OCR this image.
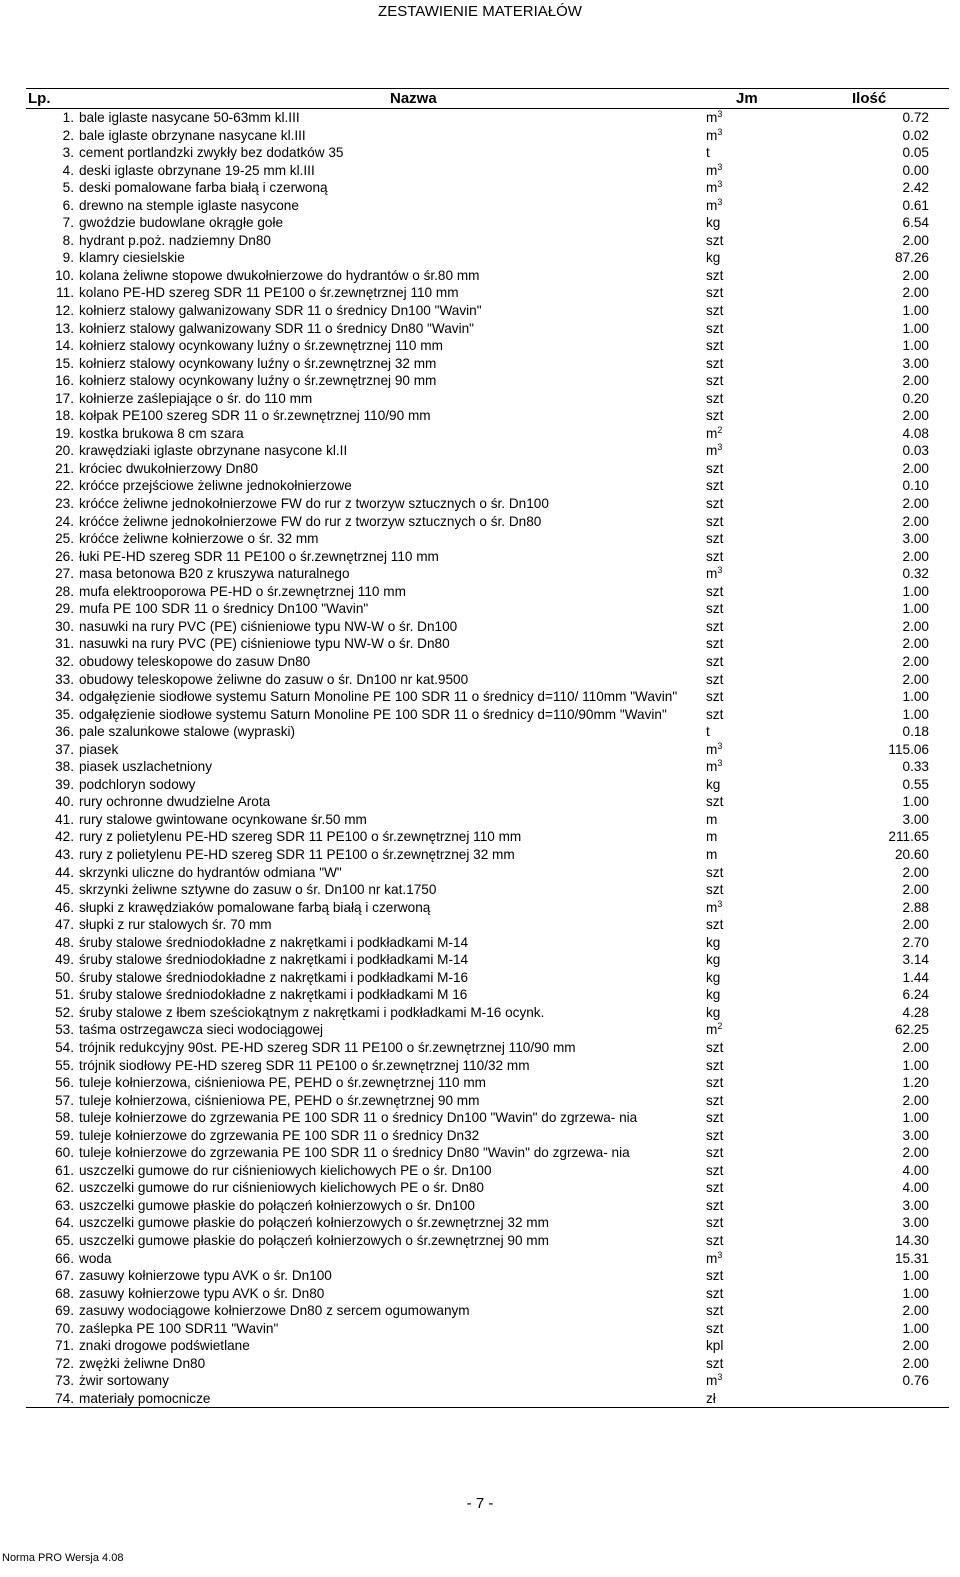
ZESTAWIENIE MATERIAŁÓW
Lp.	Nazwa	Jm	Ilość
1. bale iglaste nasycane 50-63mm kl.III	$m^3$	0.72
2. bale iglaste obrzynane nasycane kl.III	$m^3$	0.02
3. cement portlandzki zwykły bez dodatków 35	t	0.05
4. deski iglaste obrzynane 19-25 mm kl.III	$m^3$	0.00
5. deski pomalowane farba białą i czerwoną	$m^3$	2.42
6. drewno na stemple iglaste nasycone	$m^3$	0.61
7. gwoździe budowlane okrągłe gołe	kg	6.54
8. hydrant p.poż. nadziemny Dn80	szt	2.00
9. klamry ciesielskie	kg	87.26
10. kolana żeliwne stopowe dwukołnierzowe do hydrantów o śr.80 mm	szt	2.00
11. kolano PE-HD szereg SDR 11 PE100 o śr.zewnętrznej 110 mm	szt	2.00
12. kołnierz stalowy galwanizowany SDR 11 o średnicy Dn100 "Wavin"	szt	1.00
13. kołnierz stalowy galwanizowany SDR 11 o średnicy Dn80 "Wavin"	szt	1.00
14. kołnierz stalowy ocynkowany luźny o śr.zewnętrznej 110 mm	szt	1.00
15. kołnierz stalowy ocynkowany luźny o śr.zewnętrznej 32 mm	szt	3.00
16. kołnierz stalowy ocynkowany luźny o śr.zewnętrznej 90 mm	szt	2.00
17. kołnierze zaślepiające o śr. do 110 mm	szt	0.20
18. kołpak PE100 szereg SDR 11 o śr.zewnętrznej 110/90 mm	szt	2.00
19. kostka brukowa 8 cm szara	$m^2$	4.08
20. krawędziaki iglaste obrzynane nasycone kl.II	$m^3$	0.03
21. króciec dwukołnierzowy Dn80	szt	2.00
22. króćce przejściowe żeliwne jednokołnierzowe	szt	0.10
23. króćce żeliwne jednokołnierzowe FW do rur z tworzyw sztucznych o śr. Dn100	szt	2.00
24. króćce żeliwne jednokołnierzowe FW do rur z tworzyw sztucznych o śr. Dn80	szt	2.00
25. króćce żeliwne kołnierzowe o śr. 32 mm	szt	3.00
26. łuki PE-HD szereg SDR 11 PE100 o śr.zewnętrznej 110 mm	szt	2.00
27. masa betonowa B20 z kruszywa naturalnego	$m^3$	0.32
28. mufa elektrooporowa PE-HD o śr.zewnętrznej 110 mm	szt	1.00
29. mufa PE 100 SDR 11 o średnicy Dn100 "Wavin"	szt	1.00
30. nasuwki na rury PVC (PE) ciśnieniowe typu NW-W o śr. Dn100	szt	2.00
31. nasuwki na rury PVC (PE) ciśnieniowe typu NW-W o śr. Dn80	szt	2.00
32. obudowy teleskopowe do zasuw Dn80	szt	2.00
33. obudowy teleskopowe żeliwne do zasuw o śr. Dn100 nr kat.9500	szt	2.00
34. odgałęzienie siodłowe systemu Saturn Monoline PE 100 SDR 11 o średnicy d=110/ 110mm "Wavin"	szt	1.00
35. odgałęzienie siodłowe systemu Saturn Monoline PE 100 SDR 11 o średnicy d=110/90mm "Wavin"	szt	1.00
36. pale szalunkowe stalowe (wypraski)	t	0.18
37. piasek	$m^3$	115.06
38. piasek uszlachetniony	$m^3$	0.33
39. podchloryn sodowy	kg	0.55
40. rury ochronne dwudzielne Arota	szt	1.00
41. rury stalowe gwintowane ocynkowane śr.50 mm	m	3.00
42. rury z polietylenu PE-HD szereg SDR 11 PE100 o śr.zewnętrznej 110 mm	m	211.65
43. rury z polietylenu PE-HD szereg SDR 11 PE100 o śr.zewnętrznej 32 mm	m	20.60
44. skrzynki uliczne do hydrantów odmiana "W"	szt	2.00
45. skrzynki żeliwne sztywne do zasuw o śr. Dn100 nr kat.1750	szt	2.00
46. słupki z krawędziaków pomalowane farbą białą i czerwoną	$m^3$	2.88
47. słupki z rur stalowych śr. 70 mm	szt	2.00
48. śruby stalowe średniodokładne z nakrętkami i podkładkami M-14	kg	2.70
49. śruby stalowe średniodokładne z nakrętkami i podkładkami M-14	kg	3.14
50. śruby stalowe średniodokładne z nakrętkami i podkładkami M-16	kg	1.44
51. śruby stalowe średniodokładne z nakrętkami i podkładkami M 16	kg	6.24
52. śruby stalowe z łbem sześciokątnym z nakrętkami i podkładkami M-16 ocynk.	kg	4.28
53. taśma ostrzegawcza sieci wodociągowej	$m^2$	62.25
54. trójnik redukcyjny 90st. PE-HD szereg SDR 11 PE100 o śr.zewnętrznej 110/90 mm	szt	2.00
55. trójnik siodłowy PE-HD szereg SDR 11 PE100 o śr.zewnętrznej 110/32 mm	szt	1.00
56. tuleje kołnierzowa, ciśnieniowa PE, PEHD o śr.zewnętrznej 110 mm	szt	1.20
57. tuleje kołnierzowa, ciśnieniowa PE, PEHD o śr.zewnętrznej 90 mm	szt	2.00
58. tuleje kołnierzowe do zgrzewania PE 100 SDR 11 o średnicy Dn100 "Wavin" do zgrzewa- nia	szt	1.00
59. tuleje kołnierzowe do zgrzewania PE 100 SDR 11 o średnicy Dn32	szt	3.00
60. tuleje kołnierzowe do zgrzewania PE 100 SDR 11 o średnicy Dn80 "Wavin" do zgrzewa- nia	szt	2.00
61. uszczelki gumowe do rur ciśnieniowych kielichowych PE o śr. Dn100	szt	4.00
62. uszczelki gumowe do rur ciśnieniowych kielichowych PE o śr. Dn80	szt	4.00
63. uszczelki gumowe płaskie do połączeń kołnierzowych o śr. Dn100	szt	3.00
64. uszczelki gumowe płaskie do połączeń kołnierzowych o śr.zewnętrznej 32 mm	szt	3.00
65. uszczelki gumowe płaskie do połączeń kołnierzowych o śr.zewnętrznej 90 mm	szt	14.30
66. woda	$m^3$	15.31
67. zasuwy kołnierzowe typu AVK o śr. Dn100	szt	1.00
68. zasuwy kołnierzowe typu AVK o śr. Dn80	szt	1.00
69. zasuwy wodociągowe kołnierzowe Dn80 z sercem ogumowanym	szt	2.00
70. zaślepka PE 100 SDR11 "Wavin"	szt	1.00
71. znaki drogowe podświetlane	kpl	2.00
72. zwężki żeliwne Dn80	szt	2.00
73. żwir sortowany	$m^3$	0.76
74. materiały pomocnicze	zł
- 7 -
Norma PRO Wersja 4.08
